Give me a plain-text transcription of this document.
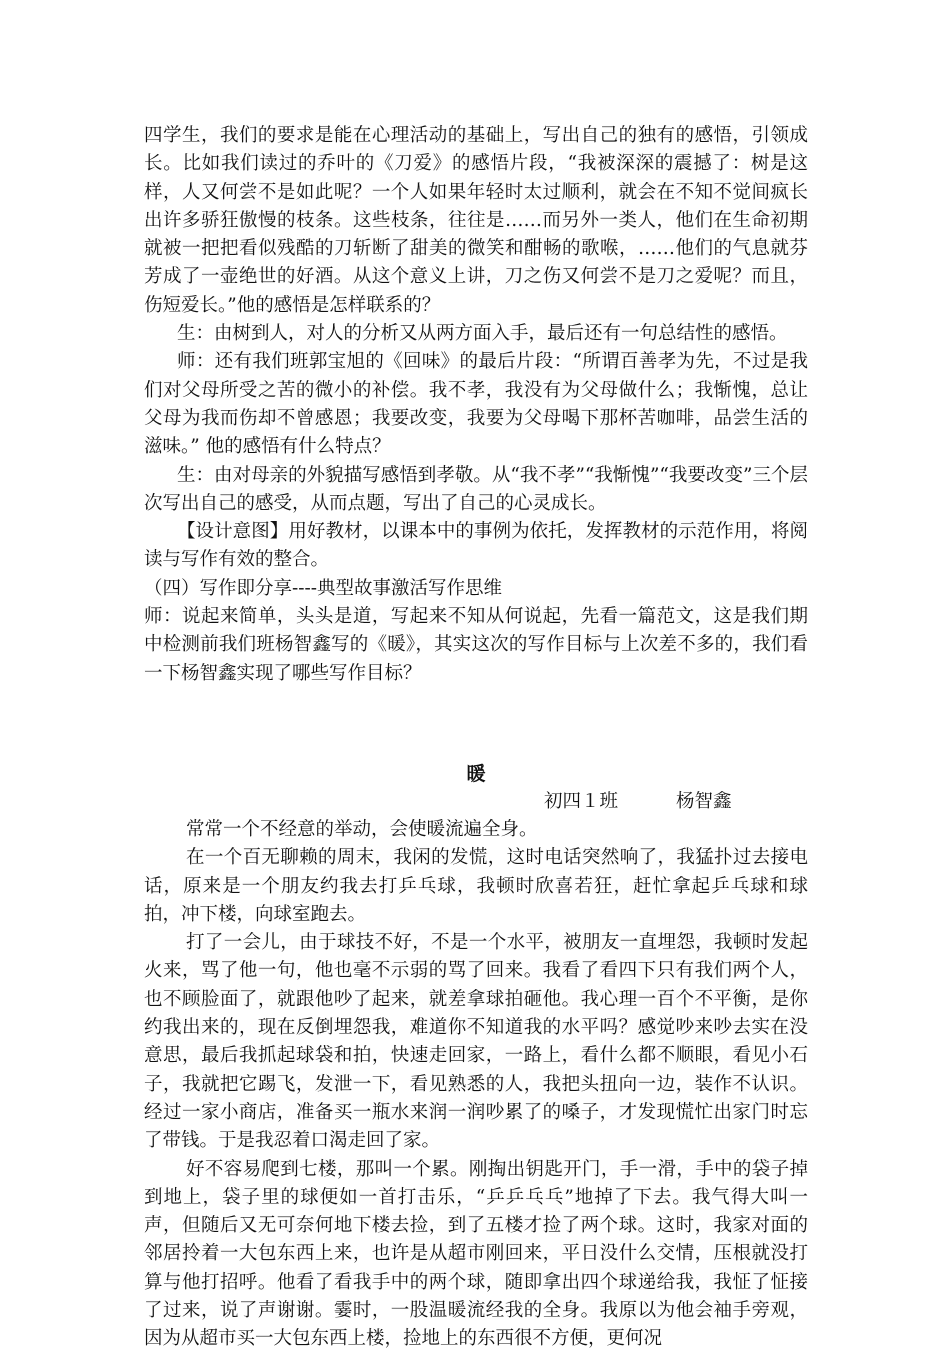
四学生，我们的要求是能在心理活动的基础上，写出自己的独有的感悟，引领成长。比如我们读过的乔叶的《刀爱》的感悟片段，“我被深深的震撼了：树是这样，人又何尝不是如此呢？一个人如果年轻时太过顺利，就会在不知不觉间疯长出许多骄狂傲慢的枝条。这些枝条，往往是……而另外一类人，他们在生命初期就被一把把看似残酷的刀斩断了甜美的微笑和酣畅的歌喉，……他们的气息就芬芳成了一壶绝世的好酒。从这个意义上讲，刀之伤又何尝不是刀之爱呢？而且，伤短爱长。”他的感悟是怎样联系的？

生：由树到人，对人的分析又从两方面入手，最后还有一句总结性的感悟。

师：还有我们班郭宝旭的《回味》的最后片段：“所谓百善孝为先，不过是我们对父母所受之苦的微小的补偿。我不孝，我没有为父母做什么；我惭愧，总让父母为我而伤却不曾感恩；我要改变，我要为父母喝下那杯苦咖啡，品尝生活的滋味。” 他的感悟有什么特点？

生：由对母亲的外貌描写感悟到孝敬。从“我不孝”“我惭愧”“我要改变”三个层次写出自己的感受，从而点题，写出了自己的心灵成长。

【设计意图】用好教材，以课本中的事例为依托，发挥教材的示范作用，将阅读与写作有效的整合。

（四）写作即分享----典型故事激活写作思维

师：说起来简单，头头是道，写起来不知从何说起，先看一篇范文，这是我们期中检测前我们班杨智鑫写的《暖》，其实这次的写作目标与上次差不多的，我们看一下杨智鑫实现了哪些写作目标？

暖

初四１班	杨智鑫

常常一个不经意的举动，会使暖流遍全身。

在一个百无聊赖的周末，我闲的发慌，这时电话突然响了，我猛扑过去接电话，原来是一个朋友约我去打乒乓球，我顿时欣喜若狂，赶忙拿起乒乓球和球拍，冲下楼，向球室跑去。

打了一会儿，由于球技不好，不是一个水平，被朋友一直埋怨，我顿时发起火来，骂了他一句，他也毫不示弱的骂了回来。我看了看四下只有我们两个人，也不顾脸面了，就跟他吵了起来，就差拿球拍砸他。我心理一百个不平衡，是你约我出来的，现在反倒埋怨我，难道你不知道我的水平吗？感觉吵来吵去实在没意思，最后我抓起球袋和拍，快速走回家，一路上，看什么都不顺眼，看见小石子，我就把它踢飞，发泄一下，看见熟悉的人，我把头扭向一边，装作不认识。经过一家小商店，准备买一瓶水来润一润吵累了的嗓子，才发现慌忙出家门时忘了带钱。于是我忍着口渴走回了家。

好不容易爬到七楼，那叫一个累。刚掏出钥匙开门，手一滑，手中的袋子掉到地上，袋子里的球便如一首打击乐，“乒乒乓乓”地掉了下去。我气得大叫一声，但随后又无可奈何地下楼去捡，到了五楼才捡了两个球。这时，我家对面的邻居拎着一大包东西上来，也许是从超市刚回来，平日没什么交情，压根就没打算与他打招呼。他看了看我手中的两个球，随即拿出四个球递给我，我怔了怔接了过来，说了声谢谢。霎时，一股温暖流经我的全身。我原以为他会袖手旁观，因为从超市买一大包东西上楼，捡地上的东西很不方便，更何况
